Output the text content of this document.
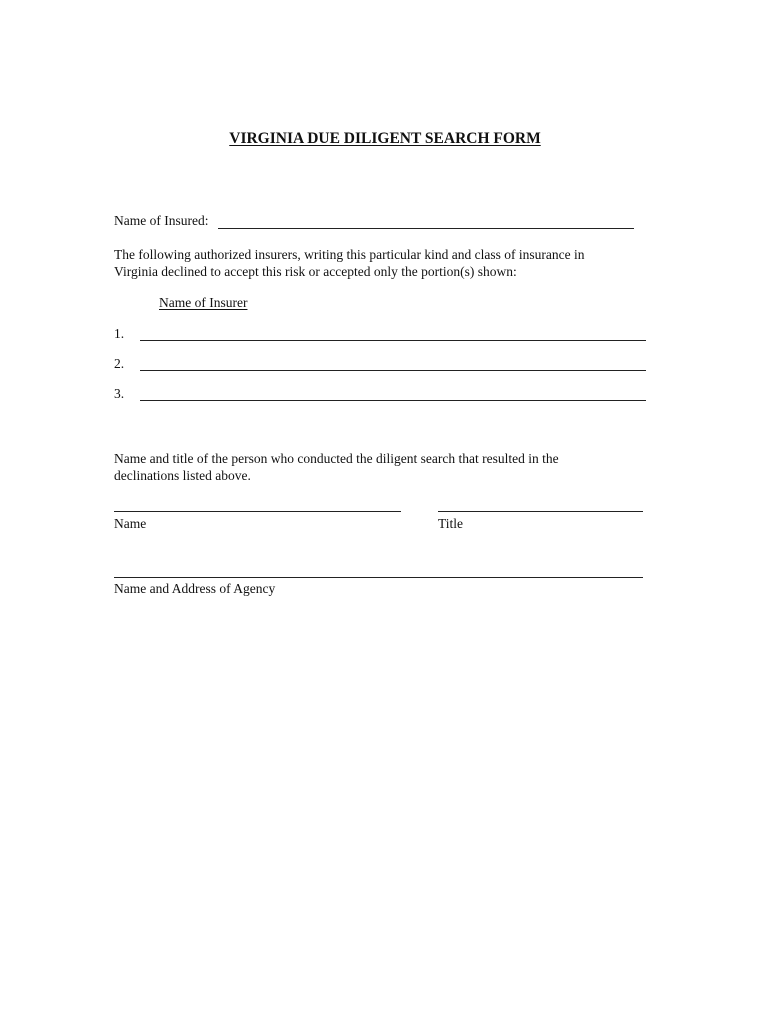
VIRGINIA DUE DILIGENT SEARCH FORM
Name of Insured:
The following authorized insurers, writing this particular kind and class of insurance in
Virginia declined to accept this risk or accepted only the portion(s) shown:
Name of Insurer
1.
2.
3.
Name and title of the person who conducted the diligent search that resulted in the
declinations listed above.
Name	Title
Name and Address of Agency
